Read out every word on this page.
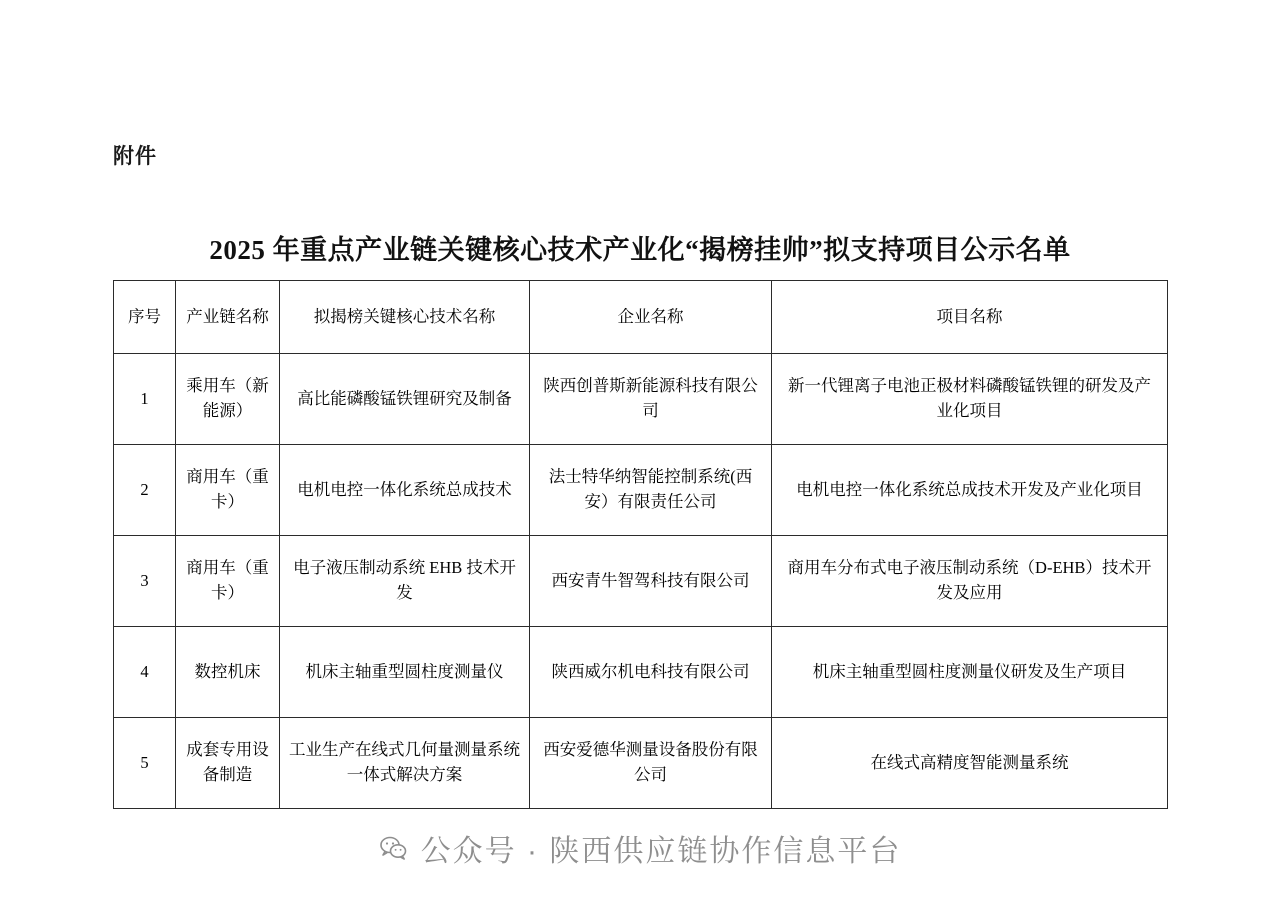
附件
2025 年重点产业链关键核心技术产业化“揭榜挂帅”拟支持项目公示名单
序号	产业链名称	拟揭榜关键核心技术名称	企业名称	项目名称
1	乘用车（新能源）	高比能磷酸锰铁锂研究及制备	陕西创普斯新能源科技有限公司	新一代锂离子电池正极材料磷酸锰铁锂的研发及产业化项目
2	商用车（重卡）	电机电控一体化系统总成技术	法士特华纳智能控制系统(西安）有限责任公司	电机电控一体化系统总成技术开发及产业化项目
3	商用车（重卡）	电子液压制动系统 EHB 技术开发	西安青牛智驾科技有限公司	商用车分布式电子液压制动系统（D-EHB）技术开发及应用
4	数控机床	机床主轴重型圆柱度测量仪	陕西威尔机电科技有限公司	机床主轴重型圆柱度测量仪研发及生产项目
5	成套专用设备制造	工业生产在线式几何量测量系统一体式解决方案	西安爱德华测量设备股份有限公司	在线式高精度智能测量系统
公众号 · 陕西供应链协作信息平台
